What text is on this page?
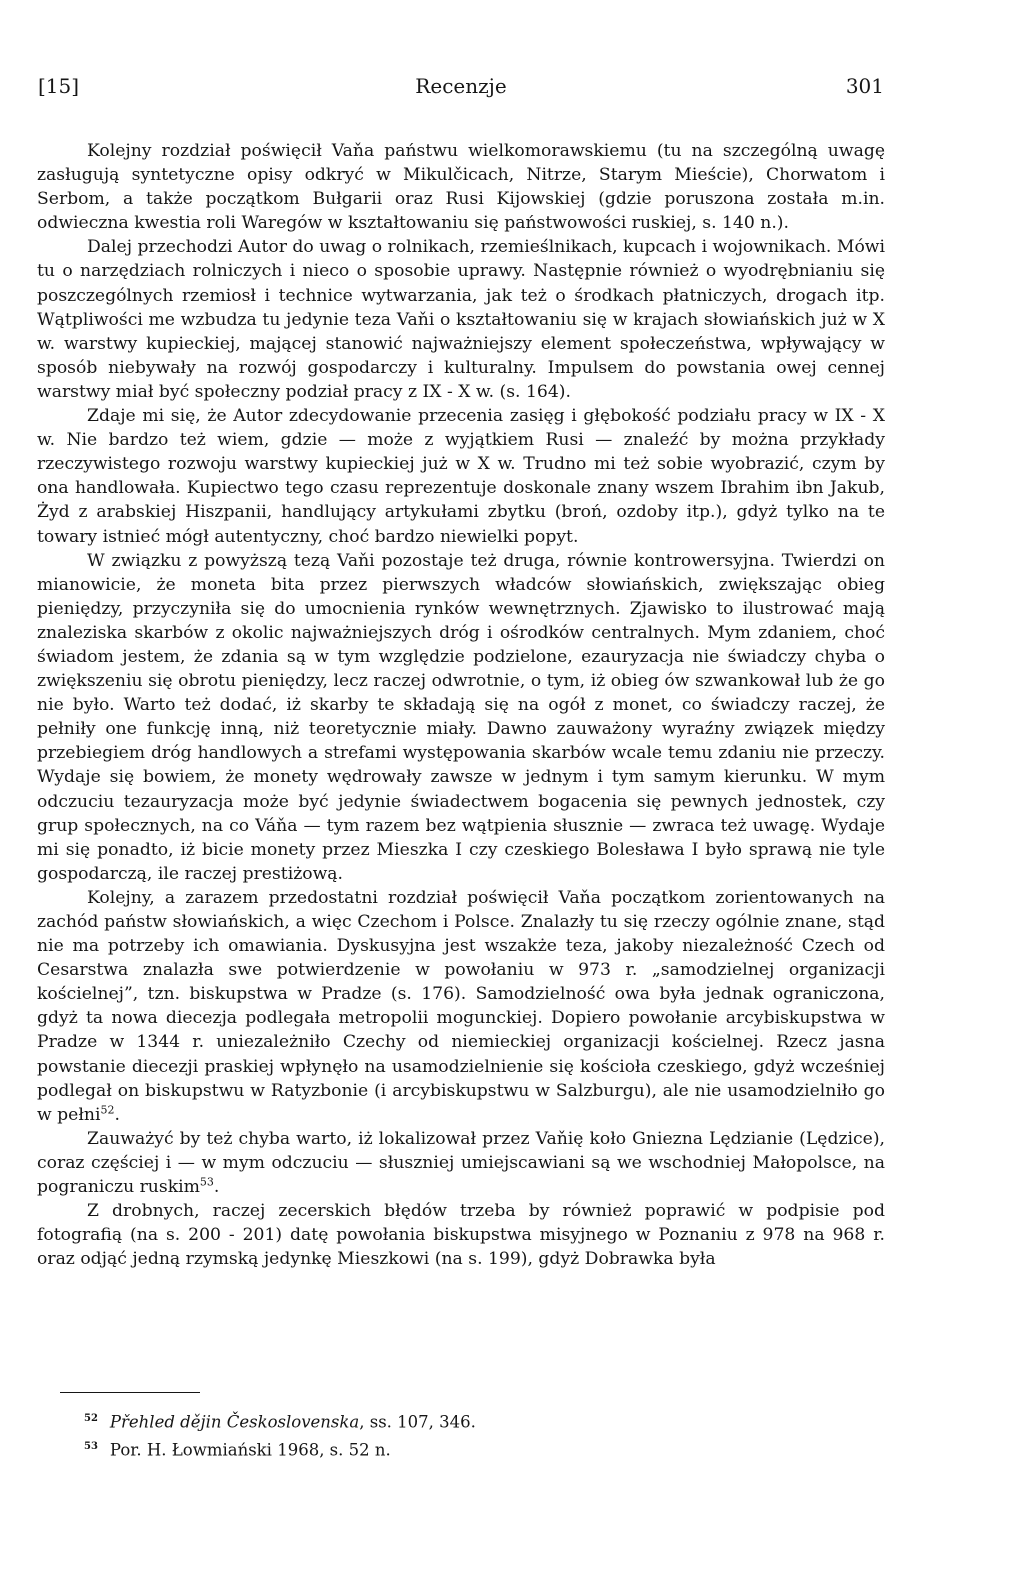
[15]	Recenzje	301

Kolejny rozdział poświęcił Vaňa państwu wielkomorawskiemu (tu na szczególną uwagę zasługują syntetyczne opisy odkryć w Mikulčicach, Nitrze, Starym Mieście), Chorwatom i Serbom, a także początkom Bułgarii oraz Rusi Kijowskiej (gdzie poruszona została m.in. odwieczna kwestia roli Waregów w kształtowaniu się państwowości ruskiej, s. 140 n.).

Dalej przechodzi Autor do uwag o rolnikach, rzemieślnikach, kupcach i wojownikach. Mówi tu o narzędziach rolniczych i nieco o sposobie uprawy. Następnie również o wyodrębnianiu się poszczególnych rzemiosł i technice wytwarzania, jak też o środkach płatniczych, drogach itp. Wątpliwości me wzbudza tu jedynie teza Vaňi o kształtowaniu się w krajach słowiańskich już w X w. warstwy kupieckiej, mającej stanowić najważniejszy element społeczeństwa, wpływający w sposób niebywały na rozwój gospodarczy i kulturalny. Impulsem do powstania owej cennej warstwy miał być społeczny podział pracy z IX - X w. (s. 164).

Zdaje mi się, że Autor zdecydowanie przecenia zasięg i głębokość podziału pracy w IX - X w. Nie bardzo też wiem, gdzie — może z wyjątkiem Rusi — znaleźć by można przykłady rzeczywistego rozwoju warstwy kupieckiej już w X w. Trudno mi też sobie wyobrazić, czym by ona handlowała. Kupiectwo tego czasu reprezentuje doskonale znany wszem Ibrahim ibn Jakub, Żyd z arabskiej Hiszpanii, handlujący artykułami zbytku (broń, ozdoby itp.), gdyż tylko na te towary istnieć mógł autentyczny, choć bardzo niewielki popyt.

W związku z powyższą tezą Vaňi pozostaje też druga, równie kontrowersyjna. Twierdzi on mianowicie, że moneta bita przez pierwszych władców słowiańskich, zwiększając obieg pieniędzy, przyczyniła się do umocnienia rynków wewnętrznych. Zjawisko to ilustrować mają znaleziska skarbów z okolic najważniejszych dróg i ośrodków centralnych. Mym zdaniem, choć świadom jestem, że zdania są w tym względzie podzielone, ezauryzacja nie świadczy chyba o zwiększeniu się obrotu pieniędzy, lecz raczej odwrotnie, o tym, iż obieg ów szwankował lub że go nie było. Warto też dodać, iż skarby te składają się na ogół z monet, co świadczy raczej, że pełniły one funkcję inną, niż teoretycznie miały. Dawno zauważony wyraźny związek między przebiegiem dróg handlowych a strefami występowania skarbów wcale temu zdaniu nie przeczy. Wydaje się bowiem, że monety wędrowały zawsze w jednym i tym samym kierunku. W mym odczuciu tezauryzacja może być jedynie świadectwem bogacenia się pewnych jednostek, czy grup społecznych, na co Váňa — tym razem bez wątpienia słusznie — zwraca też uwagę. Wydaje mi się ponadto, iż bicie monety przez Mieszka I czy czeskiego Bolesława I było sprawą nie tyle gospodarczą, ile raczej prestiżową.

Kolejny, a zarazem przedostatni rozdział poświęcił Vaňa początkom zorientowanych na zachód państw słowiańskich, a więc Czechom i Polsce. Znalazły tu się rzeczy ogólnie znane, stąd nie ma potrzeby ich omawiania. Dyskusyjna jest wszakże teza, jakoby niezależność Czech od Cesarstwa znalazła swe potwierdzenie w powołaniu w 973 r. „samodzielnej organizacji kościelnej”, tzn. biskupstwa w Pradze (s. 176). Samodzielność owa była jednak ograniczona, gdyż ta nowa diecezja podlegała metropolii mogunckiej. Dopiero powołanie arcybiskupstwa w Pradze w 1344 r. uniezależniło Czechy od niemieckiej organizacji kościelnej. Rzecz jasna powstanie diecezji praskiej wpłynęło na usamodzielnienie się kościoła czeskiego, gdyż wcześniej podlegał on biskupstwu w Ratyzbonie (i arcybiskupstwu w Salzburgu), ale nie usamodzielniło go w pełni$^{52}$.

Zauważyć by też chyba warto, iż lokalizował przez Vaňię koło Gniezna Lędzianie (Lędzice), coraz częściej i — w mym odczuciu — słuszniej umiejscawiani są we wschodniej Małopolsce, na pograniczu ruskim$^{53}$.

Z drobnych, raczej zecerskich błędów trzeba by również poprawić w podpisie pod fotografią (na s. 200 - 201) datę powołania biskupstwa misyjnego w Poznaniu z 978 na 968 r. oraz odjąć jedną rzymską jedynkę Mieszkowi (na s. 199), gdyż Dobrawka była

$^{52}$ Přehled dějin Československa, ss. 107, 346.
$^{53}$ Por. H. Łowmiański 1968, s. 52 n.
